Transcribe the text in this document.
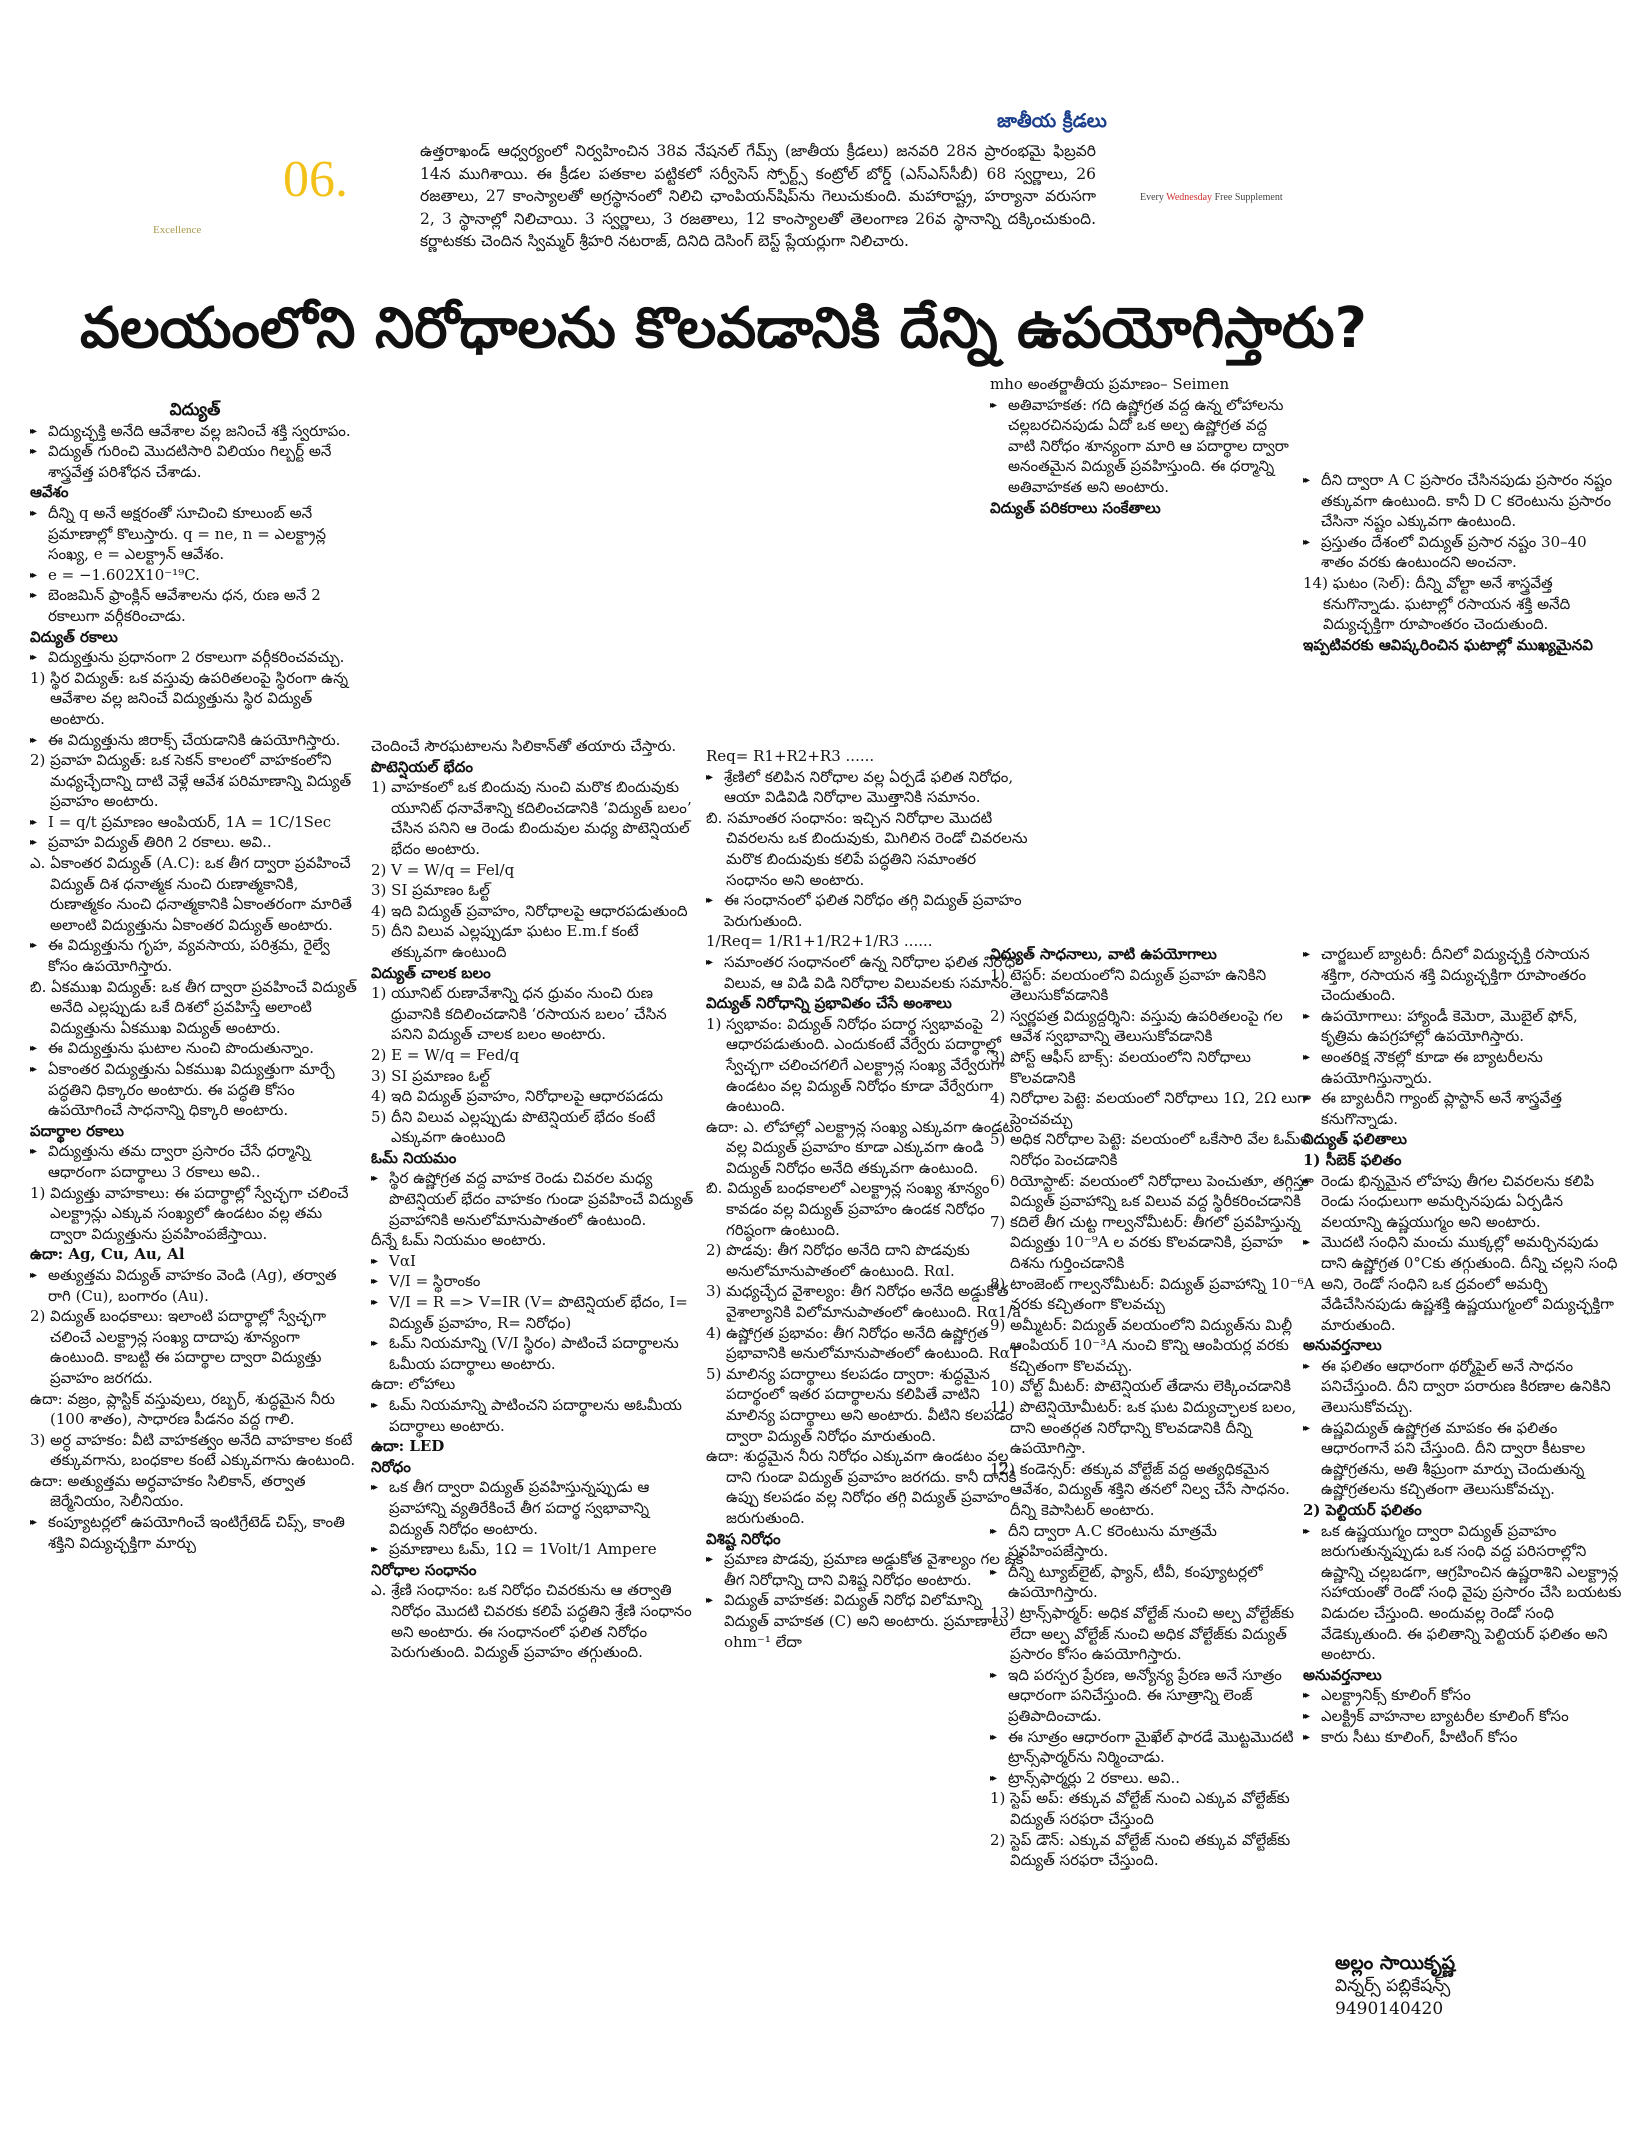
06.
Excellence
Every Wednesday Free Supplement
జాతీయ క్రీడలు
ఉత్తరాఖండ్‌ ఆధ్వర్యంలో నిర్వహించిన 38వ నేషనల్‌ గేమ్స్‌ (జాతీయ క్రీడలు) జనవరి 28న ప్రారంభమై ఫిబ్రవరి 14న ముగిశాయి. ఈ క్రీడల పతకాల పట్టికలో సర్వీసెస్‌ స్పోర్ట్స్‌ కంట్రోల్‌ బోర్డ్‌ (ఎస్‌ఎస్‌సీబీ) 68 స్వర్ణాలు, 26 రజతాలు, 27 కాంస్యాలతో అగ్రస్థానంలో నిలిచి ఛాంపియన్‌షిప్‌ను గెలుచుకుంది. మహారాష్ట్ర, హర్యానా వరుసగా 2, 3 స్థానాల్లో నిలిచాయి. 3 స్వర్ణాలు, 3 రజతాలు, 12 కాంస్యాలతో తెలంగాణ 26వ స్థానాన్ని దక్కించుకుంది. కర్ణాటకకు చెందిన స్విమ్మర్‌ శ్రీహరి నటరాజ్‌, దినిది దెసింగ్‌ బెస్ట్‌ ప్లేయర్లుగా నిలిచారు.
వలయంలోని నిరోధాలను కొలవడానికి దేన్ని ఉపయోగిస్తారు?

విద్యుత్‌

▸▸ విద్యుచ్ఛక్తి అనేది ఆవేశాల వల్ల జనించే శక్తి స్వరూపం.

▸▸ విద్యుత్‌ గురించి మొదటిసారి విలియం గిల్బర్ట్‌ అనే శాస్త్రవేత్త పరిశోధన చేశాడు.

ఆవేశం

▸▸ దీన్ని q అనే అక్షరంతో సూచించి కూలుంబ్‌ అనే ప్రమాణాల్లో కొలుస్తారు. q = ne, n = ఎలక్ట్రాన్ల సంఖ్య, e = ఎలక్ట్రాన్‌ ఆవేశం.

▸▸ e = −1.602X10⁻¹⁹C.

▸▸ బెంజమిన్‌ ఫ్రాంక్లిన్‌ ఆవేశాలను ధన, రుణ అనే 2 రకాలుగా వర్గీకరించాడు.

విద్యుత్‌ రకాలు

▸▸ విద్యుత్తును ప్రధానంగా 2 రకాలుగా వర్గీకరించవచ్చు.

1) స్థిర విద్యుత్‌: ఒక వస్తువు ఉపరితలంపై స్థిరంగా ఉన్న ఆవేశాల వల్ల జనించే విద్యుత్తును స్థిర విద్యుత్‌ అంటారు.

▸▸ ఈ విద్యుత్తును జిరాక్స్‌ చేయడానికి ఉపయోగిస్తారు.

2) ప్రవాహ విద్యుత్‌: ఒక సెకన్‌ కాలంలో వాహకంలోని మధ్యచ్ఛేదాన్ని దాటి వెళ్లే ఆవేశ పరిమాణాన్ని విద్యుత్‌ ప్రవాహం అంటారు.

▸▸ I = q/t ప్రమాణం ఆంపియర్‌, 1A = 1C/1Sec

▸▸ ప్రవాహ విద్యుత్‌ తిరిగి 2 రకాలు. అవి..

ఎ. ఏకాంతర విద్యుత్‌ (A.C): ఒక తీగ ద్వారా ప్రవహించే విద్యుత్‌ దిశ ధనాత్మక నుంచి రుణాత్మకానికి, రుణాత్మకం నుంచి ధనాత్మకానికి ఏకాంతరంగా మారితే అలాంటి విద్యుత్తును ఏకాంతర విద్యుత్‌ అంటారు.

▸▸ ఈ విద్యుత్తును గృహ, వ్యవసాయ, పరిశ్రమ, రైల్వే కోసం ఉపయోగిస్తారు.

బి. ఏకముఖ విద్యుత్‌: ఒక తీగ ద్వారా ప్రవహించే విద్యుత్‌ అనేది ఎల్లప్పుడు ఒకే దిశలో ప్రవహిస్తే అలాంటి విద్యుత్తును ఏకముఖ విద్యుత్‌ అంటారు.

▸▸ ఈ విద్యుత్తును ఘటాల నుంచి పొందుతున్నాం.

▸▸ ఏకాంతర విద్యుత్తును ఏకముఖ విద్యుత్తుగా మార్చే పద్ధతిని ధిక్కారం అంటారు. ఈ పద్ధతి కోసం ఉపయోగించే సాధనాన్ని ధిక్కారి అంటారు.

పదార్థాల రకాలు

▸▸ విద్యుత్తును తమ ద్వారా ప్రసారం చేసే ధర్మాన్ని ఆధారంగా పదార్థాలు 3 రకాలు అవి..

1) విద్యుత్తు వాహకాలు: ఈ పదార్థాల్లో స్వేచ్ఛగా చలించే ఎలక్ట్రాన్లు ఎక్కువ సంఖ్యలో ఉండటం వల్ల తమ ద్వారా విద్యుత్తును ప్రవహింపజేస్తాయి.

ఉదా: Ag, Cu, Au, Al

▸▸ అత్యుత్తమ విద్యుత్‌ వాహకం వెండి (Ag), తర్వాత రాగి (Cu), బంగారం (Au).

2) విద్యుత్‌ బంధకాలు: ఇలాంటి పదార్థాల్లో స్వేచ్ఛగా చలించే ఎలక్ట్రాన్ల సంఖ్య దాదాపు శూన్యంగా ఉంటుంది. కాబట్టి ఈ పదార్థాల ద్వారా విద్యుత్తు ప్రవాహం జరగదు.

ఉదా: వజ్రం, ప్లాస్టిక్‌ వస్తువులు, రబ్బర్‌, శుద్ధమైన నీరు (100 శాతం), సాధారణ పీడనం వద్ద గాలి.

3) అర్ధ వాహకం: వీటి వాహకత్వం అనేది వాహకాల కంటే తక్కువగాను, బంధకాల కంటే ఎక్కువగాను ఉంటుంది.

ఉదా: అత్యుత్తమ అర్ధవాహకం సిలికాన్‌, తర్వాత జెర్మేనియం, సెలీనియం.

▸▸ కంప్యూటర్లలో ఉపయోగించే ఇంటిగ్రేటెడ్‌ చిప్స్‌, కాంతి శక్తిని విద్యుచ్ఛక్తిగా మార్చు

చెందించే సౌరఘటాలను సిలికాన్‌తో తయారు చేస్తారు.

పొటెన్షియల్‌ భేదం

1) వాహకంలో ఒక బిందువు నుంచి మరొక బిందువుకు యూనిట్‌ ధనావేశాన్ని కదిలించడానికి ‘విద్యుత్‌ బలం’ చేసిన పనిని ఆ రెండు బిందువుల మధ్య పొటెన్షియల్‌ భేదం అంటారు.

2) V = W/q = Fel/q

3) SI ప్రమాణం ఓల్ట్‌

4) ఇది విద్యుత్‌ ప్రవాహం, నిరోధాలపై ఆధారపడుతుంది

5) దీని విలువ ఎల్లప్పుడూ ఘటం E.m.f కంటే తక్కువగా ఉంటుంది

విద్యుత్‌ చాలక బలం

1) యూనిట్‌ రుణావేశాన్ని ధన ధ్రువం నుంచి రుణ ధ్రువానికి కదిలించడానికి ‘రసాయన బలం’ చేసిన పనిని విద్యుత్‌ చాలక బలం అంటారు.

2) E = W/q = Fed/q

3) SI ప్రమాణం ఓల్ట్‌

4) ఇది విద్యుత్‌ ప్రవాహం, నిరోధాలపై ఆధారపడదు

5) దీని విలువ ఎల్లప్పుడు పొటెన్షియల్‌ భేదం కంటే ఎక్కువగా ఉంటుంది

ఓమ్‌ నియమం

▸▸ స్థిర ఉష్ణోగ్రత వద్ద వాహక రెండు చివరల మధ్య పొటెన్షియల్‌ భేదం వాహకం గుండా ప్రవహించే విద్యుత్‌ ప్రవాహానికి అనులోమానుపాతంలో ఉంటుంది.

దీన్నే ఓమ్‌ నియమం అంటారు.

▸▸ VαI

▸▸ V/I = స్థిరాంకం

▸▸ V/I = R => V=IR (V= పొటెన్షియల్‌ భేదం, I= విద్యుత్‌ ప్రవాహం, R= నిరోధం)

▸▸ ఓమ్‌ నియమాన్ని (V/I స్థిరం) పాటించే పదార్థాలను ఓమీయ పదార్థాలు అంటారు.

ఉదా: లోహాలు

▸▸ ఓమ్‌ నియమాన్ని పాటించని పదార్థాలను అఓమీయ పదార్థాలు అంటారు.

ఉదా: LED

నిరోధం

▸▸ ఒక తీగ ద్వారా విద్యుత్‌ ప్రవహిస్తున్నప్పుడు ఆ ప్రవాహాన్ని వ్యతిరేకించే తీగ పదార్థ స్వభావాన్ని విద్యుత్‌ నిరోధం అంటారు.

▸▸ ప్రమాణాలు ఓమ్‌, 1Ω = 1Volt/1 Ampere

నిరోధాల సంధానం

ఎ. శ్రేణి సంధానం: ఒక నిరోధం చివరకును ఆ తర్వాతి నిరోధం మొదటి చివరకు కలిపే పద్ధతిని శ్రేణి సంధానం అని అంటారు. ఈ సంధానంలో ఫలిత నిరోధం పెరుగుతుంది. విద్యుత్‌ ప్రవాహం తగ్గుతుంది.

Req= R1+R2+R3 ......

▸▸ శ్రేణిలో కలిపిన నిరోధాల వల్ల ఏర్పడే ఫలిత నిరోధం, ఆయా విడివిడి నిరోధాల మొత్తానికి సమానం.

బి. సమాంతర సంధానం: ఇచ్చిన నిరోధాల మొదటి చివరలను ఒక బిందువుకు, మిగిలిన రెండో చివరలను మరొక బిందువుకు కలిపే పద్ధతిని సమాంతర సంధానం అని అంటారు.

▸▸ ఈ సంధానంలో ఫలిత నిరోధం తగ్గి విద్యుత్‌ ప్రవాహం పెరుగుతుంది.

1/Req= 1/R1+1/R2+1/R3 ......

▸▸ సమాంతర సంధానంలో ఉన్న నిరోధాల ఫలిత నిరోధ విలువ, ఆ విడి విడి నిరోధాల విలువలకు సమానం.

విద్యుత్‌ నిరోధాన్ని ప్రభావితం చేసే అంశాలు

1) స్వభావం: విద్యుత్‌ నిరోధం పదార్థ స్వభావంపై ఆధారపడుతుంది. ఎందుకంటే వేర్వేరు పదార్థాల్లో స్వేచ్ఛగా చలించగలిగే ఎలక్ట్రాన్ల సంఖ్య వేర్వేరుగా ఉండటం వల్ల విద్యుత్‌ నిరోధం కూడా వేర్వేరుగా ఉంటుంది.

ఉదా: ఎ. లోహాల్లో ఎలక్ట్రాన్ల సంఖ్య ఎక్కువగా ఉండటం వల్ల విద్యుత్‌ ప్రవాహం కూడా ఎక్కువగా ఉండి విద్యుత్‌ నిరోధం అనేది తక్కువగా ఉంటుంది.

బి. విద్యుత్‌ బంధకాలలో ఎలక్ట్రాన్ల సంఖ్య శూన్యం కావడం వల్ల విద్యుత్‌ ప్రవాహం ఉండక నిరోధం గరిష్ఠంగా ఉంటుంది.

2) పొడవు: తీగ నిరోధం అనేది దాని పొడవుకు అనులోమానుపాతంలో ఉంటుంది. Rαl.

3) మధ్యచ్ఛేద వైశాల్యం: తీగ నిరోధం అనేది అడ్డుకోత వైశాల్యానికి విలోమానుపాతంలో ఉంటుంది. Rα1/a

4) ఉష్ణోగ్రత ప్రభావం: తీగ నిరోధం అనేది ఉష్ణోగ్రత ప్రభావానికి అనులోమానుపాతంలో ఉంటుంది. RαT

5) మాలిన్య పదార్థాలు కలపడం ద్వారా: శుద్ధమైన పదార్థంలో ఇతర పదార్థాలను కలిపితే వాటిని మాలిన్య పదార్థాలు అని అంటారు. వీటిని కలపడం ద్వారా విద్యుత్‌ నిరోధం మారుతుంది.

ఉదా: శుద్ధమైన నీరు నిరోధం ఎక్కువగా ఉండటం వల్ల దాని గుండా విద్యుత్‌ ప్రవాహం జరగదు. కానీ దానికి ఉప్పు కలపడం వల్ల నిరోధం తగ్గి విద్యుత్‌ ప్రవాహం జరుగుతుంది.

విశిష్ట నిరోధం

▸▸ ప్రమాణ పొడవు, ప్రమాణ అడ్డుకోత వైశాల్యం గల ఒక తీగ నిరోధాన్ని దాని విశిష్ట నిరోధం అంటారు.

▸▸ విద్యుత్‌ వాహకత: విద్యుత్‌ నిరోధ విలోమాన్ని విద్యుత్‌ వాహకత (C) అని అంటారు. ప్రమాణాలు ohm⁻¹ లేదా

mho అంతర్జాతీయ ప్రమాణం– Seimen

▸▸ అతివాహకత: గది ఉష్ణోగ్రత వద్ద ఉన్న లోహాలను చల్లబరచినపుడు ఏదో ఒక అల్ప ఉష్ణోగ్రత వద్ద వాటి నిరోధం శూన్యంగా మారి ఆ పదార్థాల ద్వారా అనంతమైన విద్యుత్‌ ప్రవహిస్తుంది. ఈ ధర్మాన్ని అతివాహకత అని అంటారు.

విద్యుత్‌ పరికరాలు సంకేతాలు

విద్యుత్‌ సాధనాలు, వాటి ఉపయోగాలు

1) టెస్టర్‌: వలయంలోని విద్యుత్‌ ప్రవాహ ఉనికిని తెలుసుకోవడానికి

2) స్వర్ణపత్ర విద్యుద్దర్శిని: వస్తువు ఉపరితలంపై గల ఆవేశ స్వభావాన్ని తెలుసుకోవడానికి

3) పోస్ట్‌ ఆఫీస్‌ బాక్స్‌: వలయంలోని నిరోధాలు కొలవడానికి

4) నిరోధాల పెట్టె: వలయంలో నిరోధాలు 1Ω, 2Ω లుగా పెంచవచ్చు

5) అధిక నిరోధాల పెట్టె: వలయంలో ఒకేసారి వేల ఓమ్‌ల నిరోధం పెంచడానికి

6) రియోస్టాట్‌: వలయంలో నిరోధాలు పెంచుతూ, తగ్గిస్తూ విద్యుత్‌ ప్రవాహాన్ని ఒక విలువ వద్ద స్థిరీకరించడానికి

7) కదిలే తీగ చుట్ట గాల్వనోమీటర్‌: తీగలో ప్రవహిస్తున్న విద్యుత్తు 10⁻⁹A ల వరకు కొలవడానికి, ప్రవాహ దిశను గుర్తించడానికి

8) టాంజెంట్‌ గాల్వనోమీటర్‌: విద్యుత్‌ ప్రవాహాన్ని 10⁻⁶A వరకు కచ్చితంగా కొలవచ్చు

9) అమ్మీటర్‌: విద్యుత్‌ వలయంలోని విద్యుత్‌ను మిల్లీ ఆంపియర్‌ 10⁻³A నుంచి కొన్ని ఆంపియర్ల వరకు కచ్చితంగా కొలవచ్చు.

10) వోల్ట్‌ మీటర్‌: పొటెన్షియల్‌ తేడాను లెక్కించడానికి

11) పొటెన్షియోమీటర్‌: ఒక ఘట విద్యుచ్ఛాలక బలం, దాని అంతర్గత నిరోధాన్ని కొలవడానికి దీన్ని ఉపయోగిస్తా.

12) కండెన్సర్‌: తక్కువ వోల్టేజ్‌ వద్ద అత్యధికమైన ఆవేశం, విద్యుత్‌ శక్తిని తనలో నిల్వ చేసే సాధనం. దీన్ని కెపాసిటర్‌ అంటారు.

▸▸ దీని ద్వారా A.C కరెంటును మాత్రమే ప్రవహింపజేస్తారు.

▸▸ దీన్ని ట్యూబ్‌లైట్‌, ఫ్యాన్‌, టీవీ, కంప్యూటర్లలో ఉపయోగిస్తారు.

13) ట్రాన్స్‌ఫార్మర్‌: అధిక వోల్టేజ్‌ నుంచి అల్ప వోల్టేజ్‌కు లేదా అల్ప వోల్టేజ్‌ నుంచి అధిక వోల్టేజ్‌కు విద్యుత్‌ ప్రసారం కోసం ఉపయోగిస్తారు.

▸▸ ఇది పరస్పర ప్రేరణ, అన్యోన్య ప్రేరణ అనే సూత్రం ఆధారంగా పనిచేస్తుంది. ఈ సూత్రాన్ని లెంజ్‌ ప్రతిపాదించాడు.

▸▸ ఈ సూత్రం ఆధారంగా మైఖేల్‌ ఫారడే మొట్టమొదటి ట్రాన్స్‌ఫార్మర్‌ను నిర్మించాడు.

▸▸ ట్రాన్స్‌ఫార్మర్లు 2 రకాలు. అవి..

1) స్టెప్‌ అప్‌: తక్కువ వోల్టేజ్‌ నుంచి ఎక్కువ వోల్టేజ్‌కు విద్యుత్‌ సరఫరా చేస్తుంది

2) స్టెప్‌ డౌన్‌: ఎక్కువ వోల్టేజ్‌ నుంచి తక్కువ వోల్టేజ్‌కు విద్యుత్‌ సరఫరా చేస్తుంది.

▸▸ దీని ద్వారా A C ప్రసారం చేసినపుడు ప్రసారం నష్టం తక్కువగా ఉంటుంది. కానీ D C కరెంటును ప్రసారం చేసినా నష్టం ఎక్కువగా ఉంటుంది.

▸▸ ప్రస్తుతం దేశంలో విద్యుత్‌ ప్రసార నష్టం 30–40 శాతం వరకు ఉంటుందని అంచనా.

14) ఘటం (సెల్‌): దీన్ని వోల్టా అనే శాస్త్రవేత్త కనుగొన్నాడు. ఘటాల్లో రసాయన శక్తి అనేది విద్యుచ్ఛక్తిగా రూపాంతరం చెందుతుంది.

ఇప్పటివరకు ఆవిష్కరించిన ఘటాల్లో ముఖ్యమైనవి

▸▸ చార్జబుల్‌ బ్యాటరీ: దీనిలో విద్యుచ్ఛక్తి రసాయన శక్తిగా, రసాయన శక్తి విద్యుచ్ఛక్తిగా రూపాంతరం చెందుతుంది.

▸▸ ఉపయోగాలు: హ్యాండీ కెమెరా, మొబైల్‌ ఫోన్‌, కృత్రిమ ఉపగ్రహాల్లో ఉపయోగిస్తారు.

▸▸ అంతరిక్ష నౌకల్లో కూడా ఈ బ్యాటరీలను ఉపయోగిస్తున్నారు.

▸▸ ఈ బ్యాటరీని గ్యాంట్‌ ప్లాస్టాన్‌ అనే శాస్త్రవేత్త కనుగొన్నాడు.

విద్యుత్‌ ఫలితాలు

1) సీబెక్‌ ఫలితం

▸▸ రెండు భిన్నమైన లోహపు తీగల చివరలను కలిపి రెండు సంధులుగా అమర్చినపుడు ఏర్పడిన వలయాన్ని ఉష్ణయుగ్మం అని అంటారు.

▸▸ మొదటి సంధిని మంచు ముక్కల్లో అమర్చినపుడు దాని ఉష్ణోగ్రత 0°Cకు తగ్గుతుంది. దీన్ని చల్లని సంధి అని, రెండో సంధిని ఒక ద్రవంలో అమర్చి వేడిచేసినపుడు ఉష్ణశక్తి ఉష్ణయుగ్మంలో విద్యుచ్ఛక్తిగా మారుతుంది.

అనువర్తనాలు

▸▸ ఈ ఫలితం ఆధారంగా థర్మోపైల్‌ అనే సాధనం పనిచేస్తుంది. దీని ద్వారా పరారుణ కిరణాల ఉనికిని తెలుసుకోవచ్చు.

▸▸ ఉష్ణవిద్యుత్‌ ఉష్ణోగ్రత మాపకం ఈ ఫలితం ఆధారంగానే పని చేస్తుంది. దీని ద్వారా కీటకాల ఉష్ణోగ్రతను, అతి శీఘ్రంగా మార్పు చెందుతున్న ఉష్ణోగ్రతలను కచ్చితంగా తెలుసుకోవచ్చు.

2) పెల్టియర్‌ ఫలితం

▸▸ ఒక ఉష్ణయుగ్మం ద్వారా విద్యుత్‌ ప్రవాహం జరుగుతున్నప్పుడు ఒక సంధి వద్ద పరిసరాల్లోని ఉష్ణాన్ని చల్లబడగా, ఆగ్రహించిన ఉష్ణరాశిని ఎలక్ట్రాన్ల సహాయంతో రెండో సంధి వైపు ప్రసారం చేసి బయటకు విడుదల చేస్తుంది. అందువల్ల రెండో సంధి వేడెక్కుతుంది. ఈ ఫలితాన్ని పెల్టియర్‌ ఫలితం అని అంటారు.

అనువర్తనాలు

▸▸ ఎలక్ట్రానిక్స్‌ కూలింగ్‌ కోసం

▸▸ ఎలక్ట్రిక్‌ వాహనాల బ్యాటరీల కూలింగ్‌ కోసం

▸▸ కారు సీటు కూలింగ్‌, హీటింగ్‌ కోసం

అల్లం సాయికృష్ణ
విన్నర్స్‌ పబ్లికేషన్స్‌
9490140420
